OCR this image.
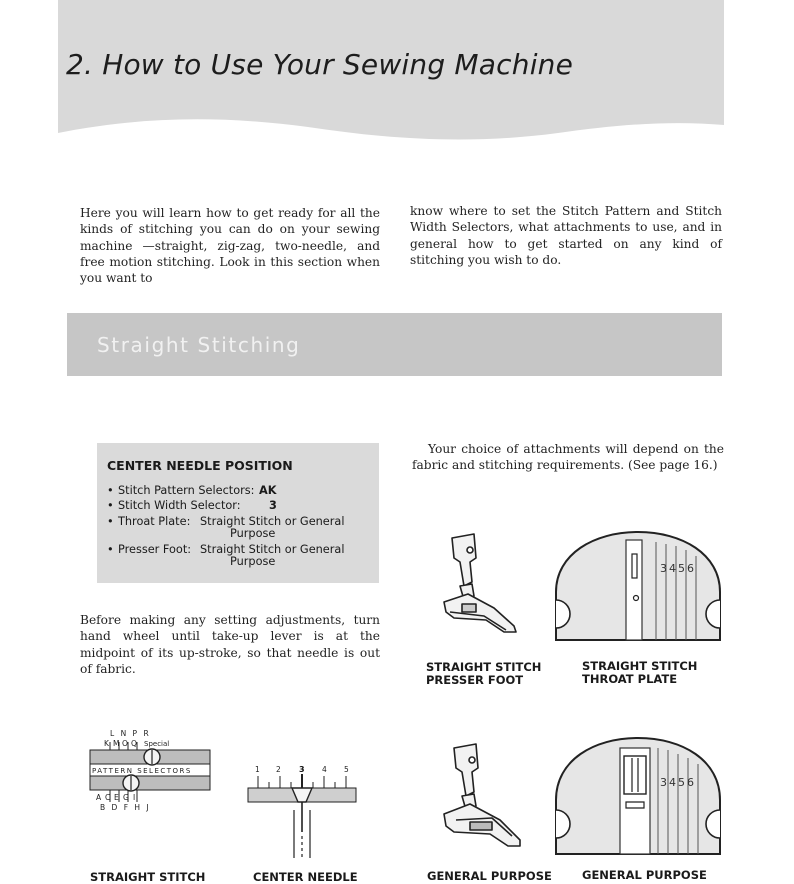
2. How to Use Your Sewing Machine
Here you will learn how to get ready for all the kinds of stitching you can do on your sewing machine —straight, zig-zag, two-needle, and free motion stitching. Look in this section when you want to
know where to set the Stitch Pattern and Stitch Width Selectors, what attachments to use, and in general how to get started on any kind of stitching you wish to do.
Straight Stitching
CENTER NEEDLE POSITION
• Stitch Pattern Selectors: AK
• Stitch Width Selector:	3
• Throat Plate: Straight Stitch or General
Purpose
• Presser Foot: Straight Stitch or General
Purpose
Before making any setting adjustments, turn hand wheel until take-up lever is at the midpoint of its up-stroke, so that needle is out of fabric.
Your choice of attachments will depend on the fabric and stitching requirements. (See page 16.)
3456
STRAIGHT STITCH
PRESSER FOOT
STRAIGHT STITCH
THROAT PLATE
L N P R
K M O Q Special
PATTERN SELECTORS
A C E G I
B D F H J
1 2 3 4 5
3456
STRAIGHT STITCH	CENTER NEEDLE	GENERAL PURPOSE	GENERAL PURPOSE
